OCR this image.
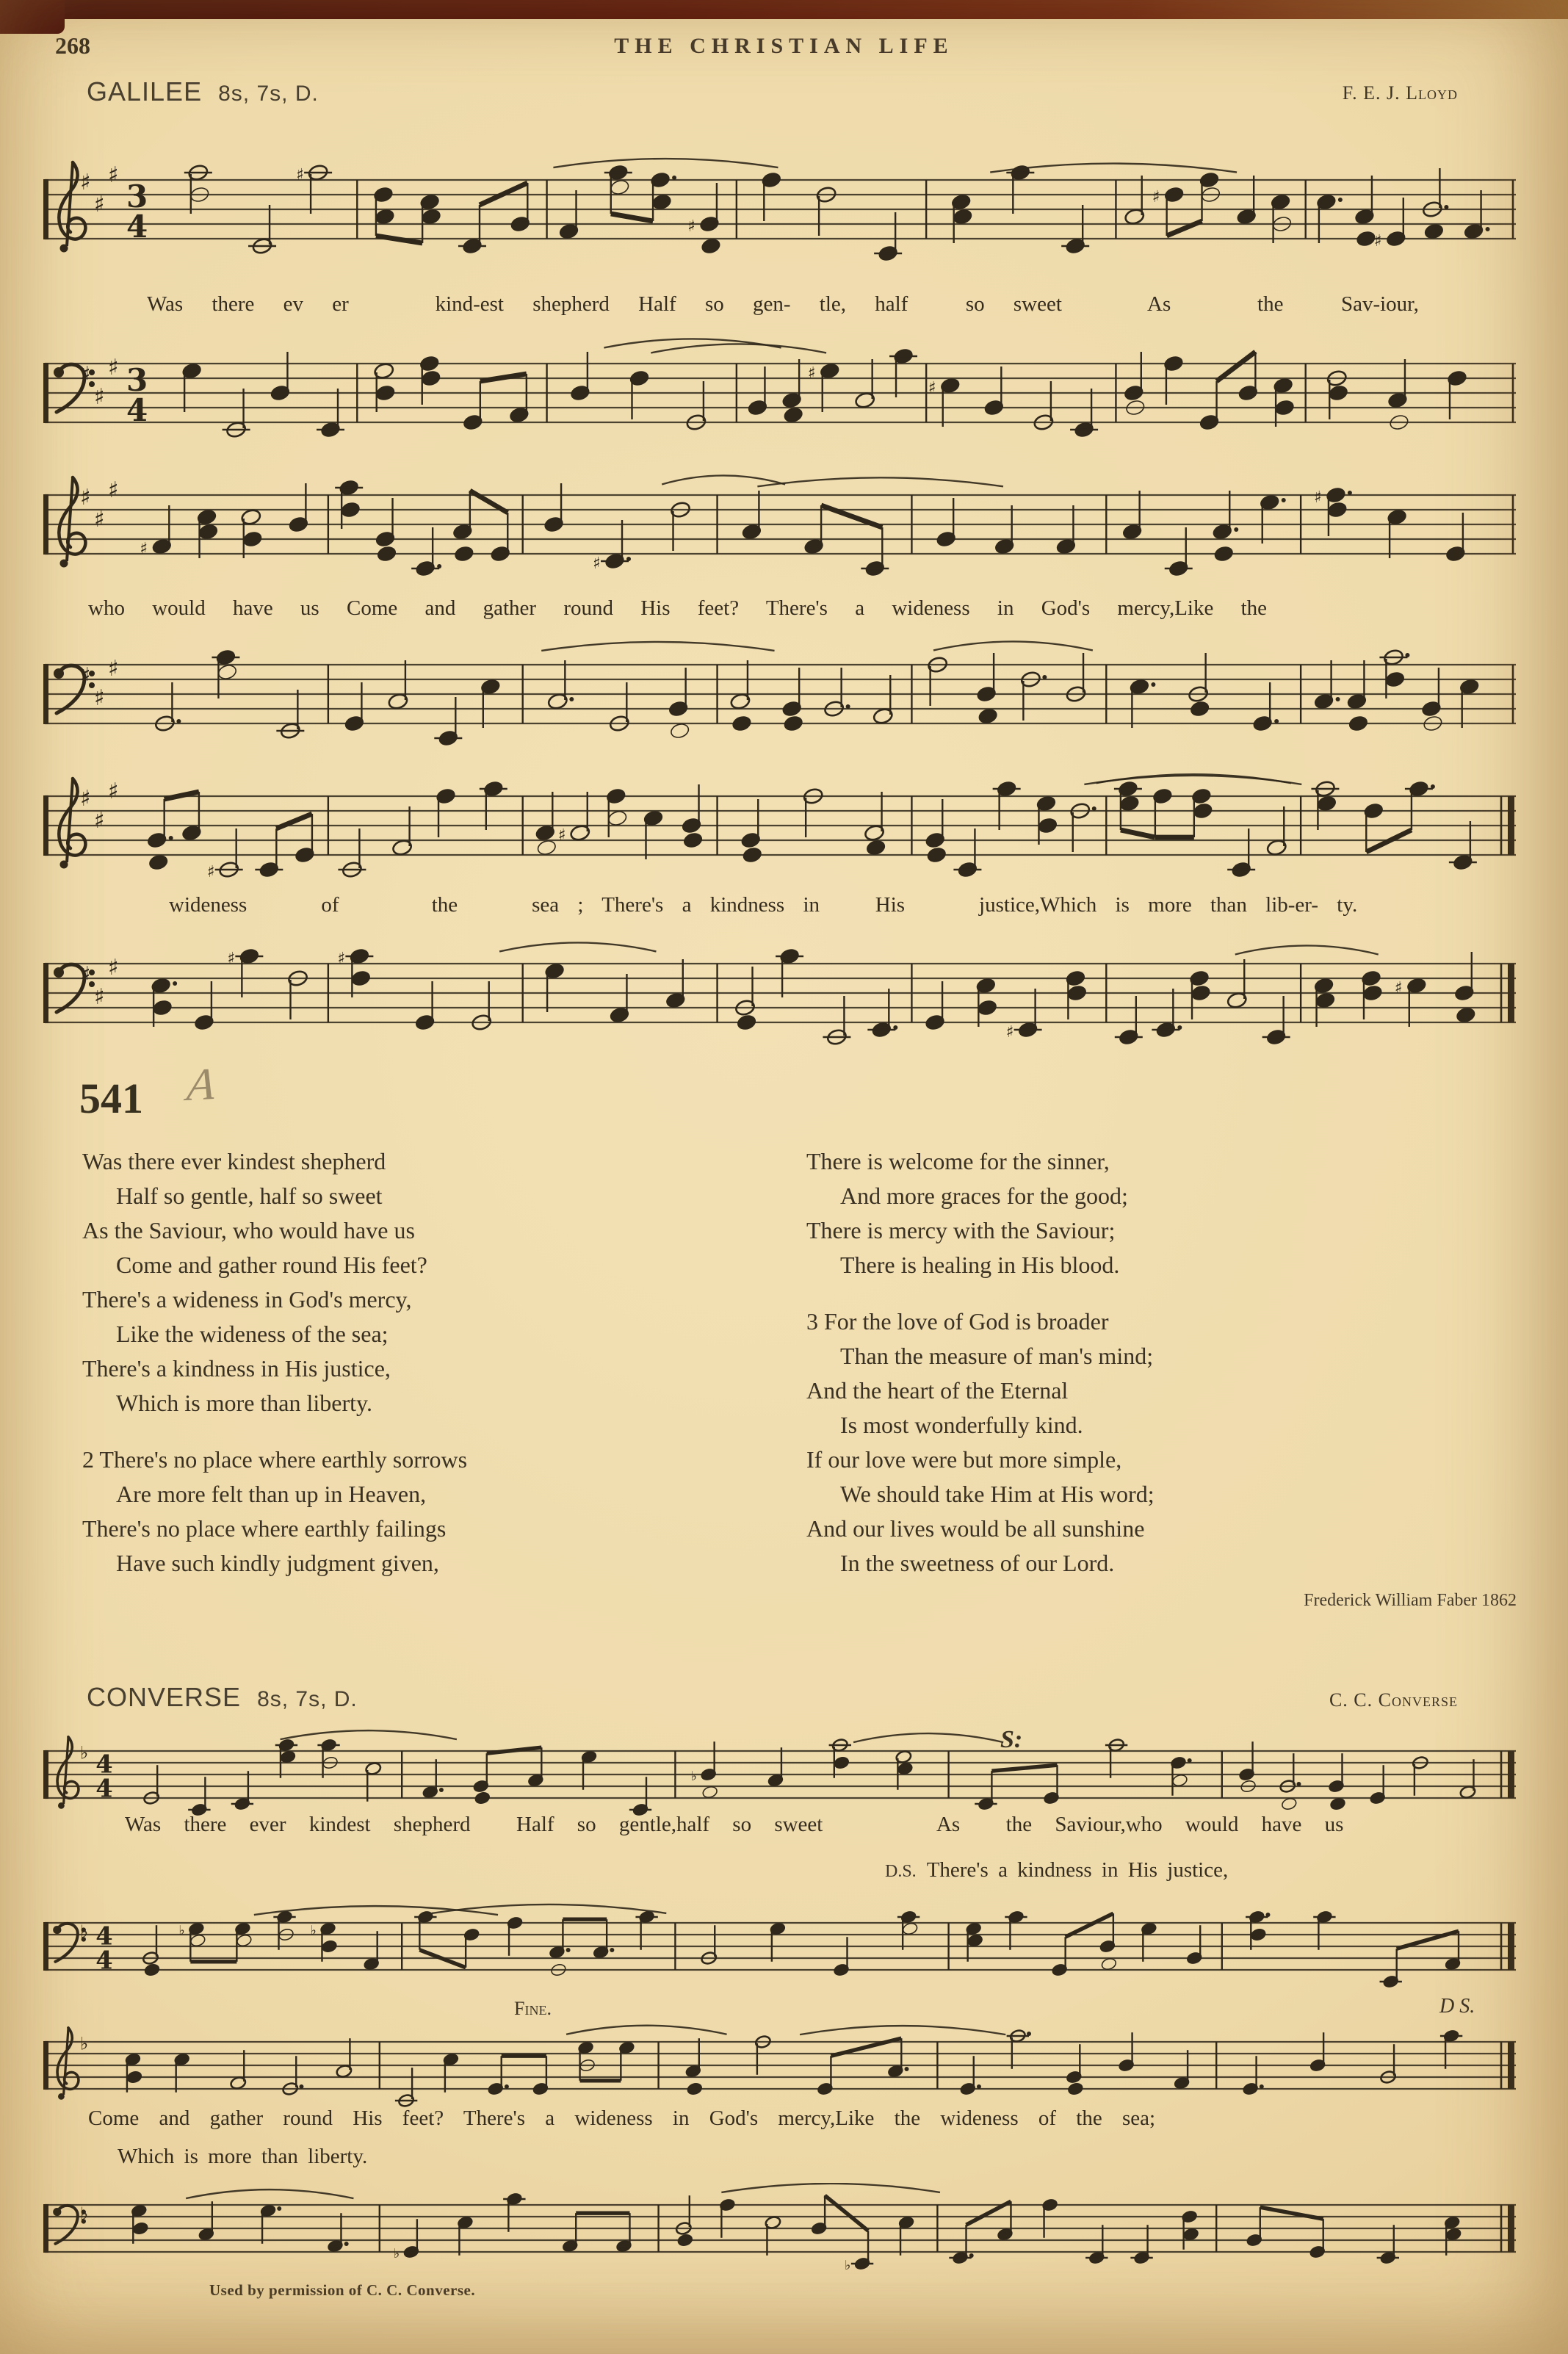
268	THE CHRISTIAN LIFE
GALILEE 8s, 7s, D.	F. E. J. Lloyd
♯
♯
♯
3
4
♯
♯
♯
♯
Was there ev er   kind-est shepherd Half so gen- tle, half  so sweet   As   the  Sav-iour,
♯
♯
♯ 3
4
♯
♯
♯
♯
♯
♯
♯
♯
who would have us Come and gather round His feet? There's a wideness in God's mercy,Like the
♯
♯
♯
♯
♯
♯
♯
♯
wideness    of     the    sea ; There's a kindness in   His    justice,Which is more than lib-er- ty.
♯
♯
♯	♯	♯
♯
♯
541 A
Was there ever kindest shepherd
Half so gentle, half so sweet
As the Saviour, who would have us
Come and gather round His feet?
There's a wideness in God's mercy,
Like the wideness of the sea;
There's a kindness in His justice,
Which is more than liberty.
2 There's no place where earthly sorrows
Are more felt than up in Heaven,
There's no place where earthly failings
Have such kindly judgment given,
There is welcome for the sinner,
And more graces for the good;
There is mercy with the Saviour;
There is healing in His blood.
3 For the love of God is broader
Than the measure of man's mind;
And the heart of the Eternal
Is most wonderfully kind.
If our love were but more simple,
We should take Him at His word;
And our lives would be all sunshine
In the sweetness of our Lord.
Frederick William Faber 1862
CONVERSE 8s, 7s, D.	C. C. Converse
S:
♭ 4
4	♭
Was there ever kindest shepherd  Half so gentle,half so sweet     As  the Saviour,who would have us
D.S. There's a kindness in His justice,
♭ 4
4
♭	♭
Fine.	D S.
♭
Come and gather round His feet? There's a wideness in God's mercy,Like the wideness of the sea;
Which is more than liberty.
♭
♭
♭
Used by permission of C. C. Converse.
